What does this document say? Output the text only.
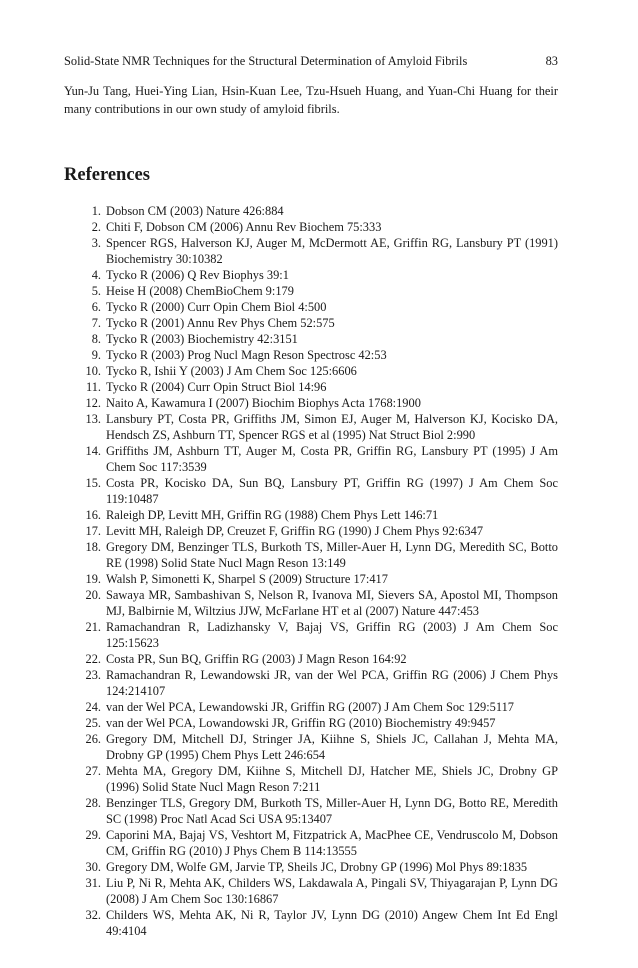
Solid-State NMR Techniques for the Structural Determination of Amyloid Fibrils	83

Yun-Ju Tang, Huei-Ying Lian, Hsin-Kuan Lee, Tzu-Hsueh Huang, and Yuan-Chi Huang for their many contributions in our own study of amyloid fibrils.

References
1. Dobson CM (2003) Nature 426:884
2. Chiti F, Dobson CM (2006) Annu Rev Biochem 75:333
3. Spencer RGS, Halverson KJ, Auger M, McDermott AE, Griffin RG, Lansbury PT (1991) Biochemistry 30:10382
4. Tycko R (2006) Q Rev Biophys 39:1
5. Heise H (2008) ChemBioChem 9:179
6. Tycko R (2000) Curr Opin Chem Biol 4:500
7. Tycko R (2001) Annu Rev Phys Chem 52:575
8. Tycko R (2003) Biochemistry 42:3151
9. Tycko R (2003) Prog Nucl Magn Reson Spectrosc 42:53
10. Tycko R, Ishii Y (2003) J Am Chem Soc 125:6606
11. Tycko R (2004) Curr Opin Struct Biol 14:96
12. Naito A, Kawamura I (2007) Biochim Biophys Acta 1768:1900
13. Lansbury PT, Costa PR, Griffiths JM, Simon EJ, Auger M, Halverson KJ, Kocisko DA, Hendsch ZS, Ashburn TT, Spencer RGS et al (1995) Nat Struct Biol 2:990
14. Griffiths JM, Ashburn TT, Auger M, Costa PR, Griffin RG, Lansbury PT (1995) J Am Chem Soc 117:3539
15. Costa PR, Kocisko DA, Sun BQ, Lansbury PT, Griffin RG (1997) J Am Chem Soc 119:10487
16. Raleigh DP, Levitt MH, Griffin RG (1988) Chem Phys Lett 146:71
17. Levitt MH, Raleigh DP, Creuzet F, Griffin RG (1990) J Chem Phys 92:6347
18. Gregory DM, Benzinger TLS, Burkoth TS, Miller-Auer H, Lynn DG, Meredith SC, Botto RE (1998) Solid State Nucl Magn Reson 13:149
19. Walsh P, Simonetti K, Sharpel S (2009) Structure 17:417
20. Sawaya MR, Sambashivan S, Nelson R, Ivanova MI, Sievers SA, Apostol MI, Thompson MJ, Balbirnie M, Wiltzius JJW, McFarlane HT et al (2007) Nature 447:453
21. Ramachandran R, Ladizhansky V, Bajaj VS, Griffin RG (2003) J Am Chem Soc 125:15623
22. Costa PR, Sun BQ, Griffin RG (2003) J Magn Reson 164:92
23. Ramachandran R, Lewandowski JR, van der Wel PCA, Griffin RG (2006) J Chem Phys 124:214107
24. van der Wel PCA, Lewandowski JR, Griffin RG (2007) J Am Chem Soc 129:5117
25. van der Wel PCA, Lowandowski JR, Griffin RG (2010) Biochemistry 49:9457
26. Gregory DM, Mitchell DJ, Stringer JA, Kiihne S, Shiels JC, Callahan J, Mehta MA, Drobny GP (1995) Chem Phys Lett 246:654
27. Mehta MA, Gregory DM, Kiihne S, Mitchell DJ, Hatcher ME, Shiels JC, Drobny GP (1996) Solid State Nucl Magn Reson 7:211
28. Benzinger TLS, Gregory DM, Burkoth TS, Miller-Auer H, Lynn DG, Botto RE, Meredith SC (1998) Proc Natl Acad Sci USA 95:13407
29. Caporini MA, Bajaj VS, Veshtort M, Fitzpatrick A, MacPhee CE, Vendruscolo M, Dobson CM, Griffin RG (2010) J Phys Chem B 114:13555
30. Gregory DM, Wolfe GM, Jarvie TP, Sheils JC, Drobny GP (1996) Mol Phys 89:1835
31. Liu P, Ni R, Mehta AK, Childers WS, Lakdawala A, Pingali SV, Thiyagarajan P, Lynn DG (2008) J Am Chem Soc 130:16867
32. Childers WS, Mehta AK, Ni R, Taylor JV, Lynn DG (2010) Angew Chem Int Ed Engl 49:4104
